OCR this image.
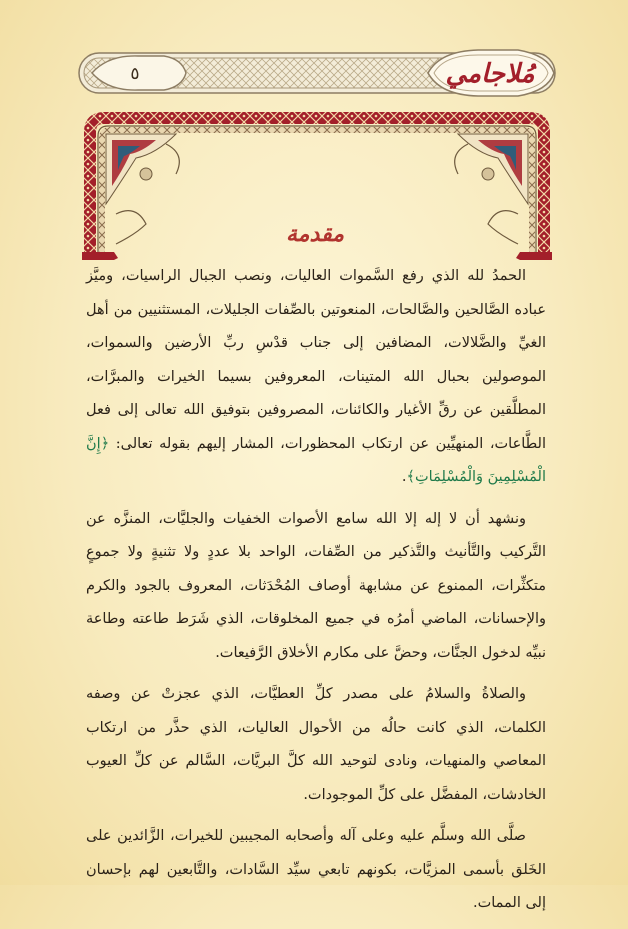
٥	مُلاجامي
مقدمة

الحمدُ لله الذي رفع السَّموات العاليات، ونصب الجبال الراسيات، وميَّز عباده الصَّالحين والصَّالحات، المنعوتين بالصِّفات الجليلات، المستثنيين من أهل الغيِّ والضَّلالات، المضافين إلى جناب قدْسِ ربِّ الأرضين والسموات، الموصولين بحبال الله المتينات، المعروفين بسيما الخيرات والمبرَّات، المطلَّقين عن رقِّ الأغيار والكائنات، المصروفين بتوفيق الله تعالى إلى فعل الطَّاعات، المنهيِّين عن ارتكاب المحظورات، المشار إليهم بقوله تعالى: ﴿إِنَّ الْمُسْلِمِينَ وَالْمُسْلِمَاتِ﴾.

ونشهد أن لا إله إلا الله سامع الأصوات الخفيات والجليَّات، المنزَّه عن التَّركيب والتَّأنيث والتَّذكير من الصِّفات، الواحد بلا عددٍ ولا تثنيةٍ ولا جموعٍ متكثِّرات، الممنوع عن مشابهة أوصاف المُحْدَثات، المعروف بالجود والكرم والإحسانات، الماضي أمرُه في جميع المخلوقات، الذي شَرَط طاعته وطاعة نبيِّه لدخول الجنَّات، وحضَّ على مكارم الأخلاق الرَّفيعات.

والصلاةُ والسلامُ على مصدر كلِّ العطيَّات، الذي عجزتْ عن وصفه الكلمات، الذي كانت حالُه من الأحوال العاليات، الذي حذَّر من ارتكاب المعاصي والمنهيات، ونادى لتوحيد الله كلَّ البريَّات، السَّالم عن كلِّ العيوب الخادشات، المفضَّل على كلِّ الموجودات.

صلَّى الله وسلَّم عليه وعلى آله وأصحابه المجيبين للخيرات، الزَّائدين على الخَلق بأسمى المزيَّات، بكونهم تابعي سيِّد السَّادات، والتَّابعين لهم بإحسان إلى الممات.
